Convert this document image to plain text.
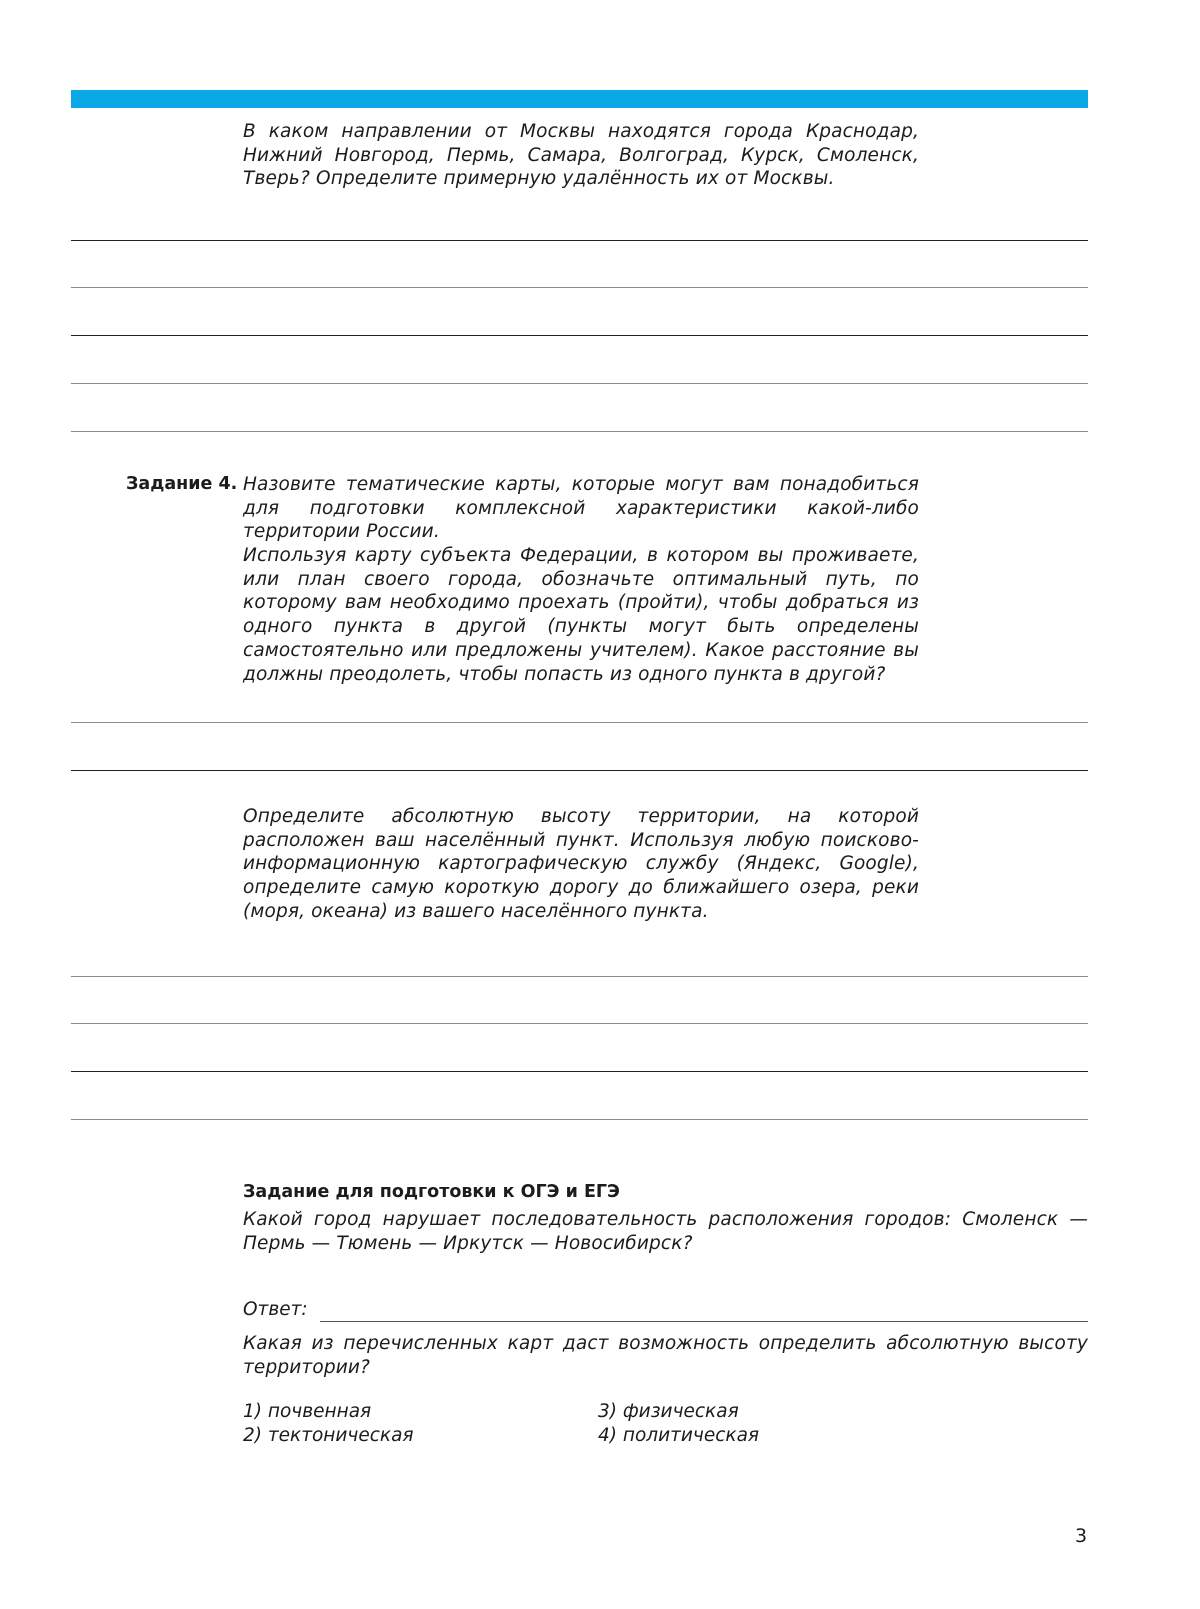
В каком направлении от Москвы находятся города Краснодар, Нижний Новгород, Пермь, Самара, Волгоград, Курск, Смоленск, Тверь? Определите примерную удалённость их от Москвы.

Задание 4. Назовите тематические карты, которые могут вам понадобиться для подготовки комплексной характеристики какой-либо территории России.

Используя карту субъекта Федерации, в котором вы проживаете, или план своего города, обозначьте оптимальный путь, по которому вам необходимо проехать (пройти), чтобы добраться из одного пункта в другой (пункты могут быть определены самостоятельно или предложены учителем). Какое расстояние вы должны преодолеть, чтобы попасть из одного пункта в другой?

Определите абсолютную высоту территории, на которой расположен ваш населённый пункт. Используя любую поисково-информационную картографическую службу (Яндекс, Google), определите самую короткую дорогу до ближайшего озера, реки (моря, океана) из вашего населённого пункта.

Задание для подготовки к ОГЭ и ЕГЭ

Какой город нарушает последовательность расположения городов: Смоленск — Пермь — Тюмень — Иркутск — Новосибирск?

Ответ:

Какая из перечисленных карт даст возможность определить абсолютную высоту территории?

1) почвенная
2) тектоническая
3) физическая
4) политическая
3
